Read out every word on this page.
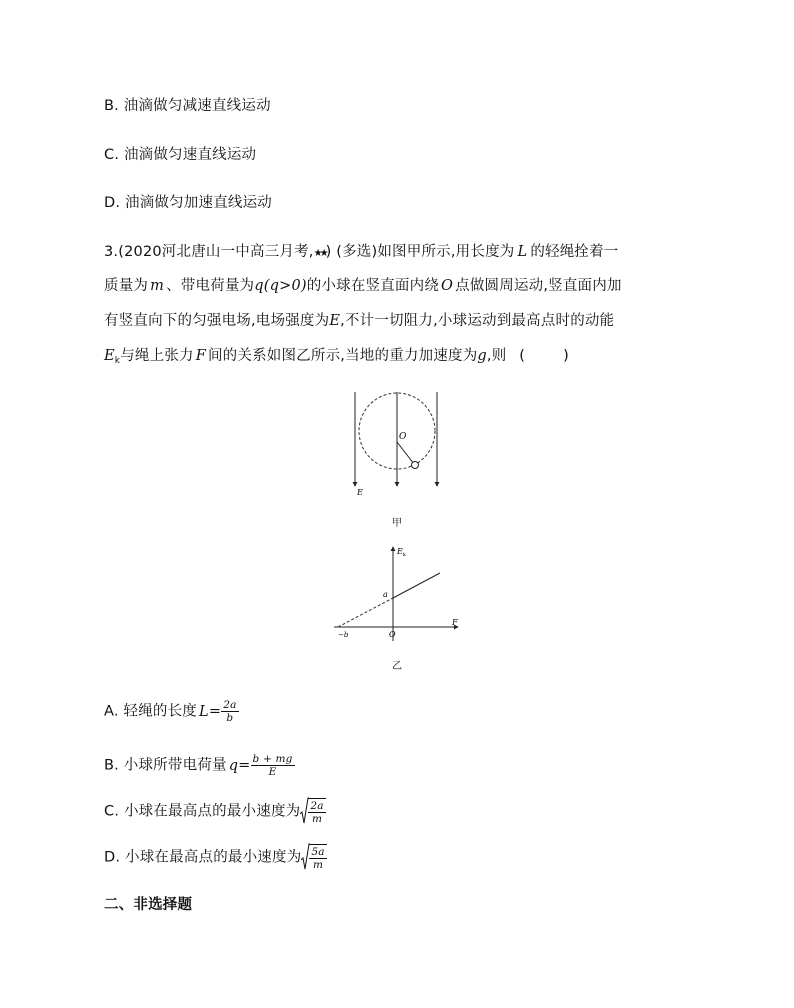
B. 油滴做匀减速直线运动
C. 油滴做匀速直线运动
D. 油滴做匀加速直线运动
3.(2020河北唐山一中高三月考,★★) (多选)如图甲所示,用长度为 L 的轻绳拴着一
质量为 m 、带电荷量为q(q>0)的小球在竖直面内绕 O 点做圆周运动,竖直面内加
有竖直向下的匀强电场,电场强度为E,不计一切阻力,小球运动到最高点时的动能
$E_k$与绳上张力 F 间的关系如图乙所示,当地的重力加速度为g,则 (	)
O
E
甲
$E_k$
a
−b	O
F
乙
A. 轻绳的长度 $L= \frac{2a}{b}$
B. 小球所带电荷量 $q= \frac{b + mg}{E}$
C. 小球在最高点的最小速度为 $\frac{2a}{m}$
D. 小球在最高点的最小速度为 $\frac{5a}{m}$
二、非选择题
